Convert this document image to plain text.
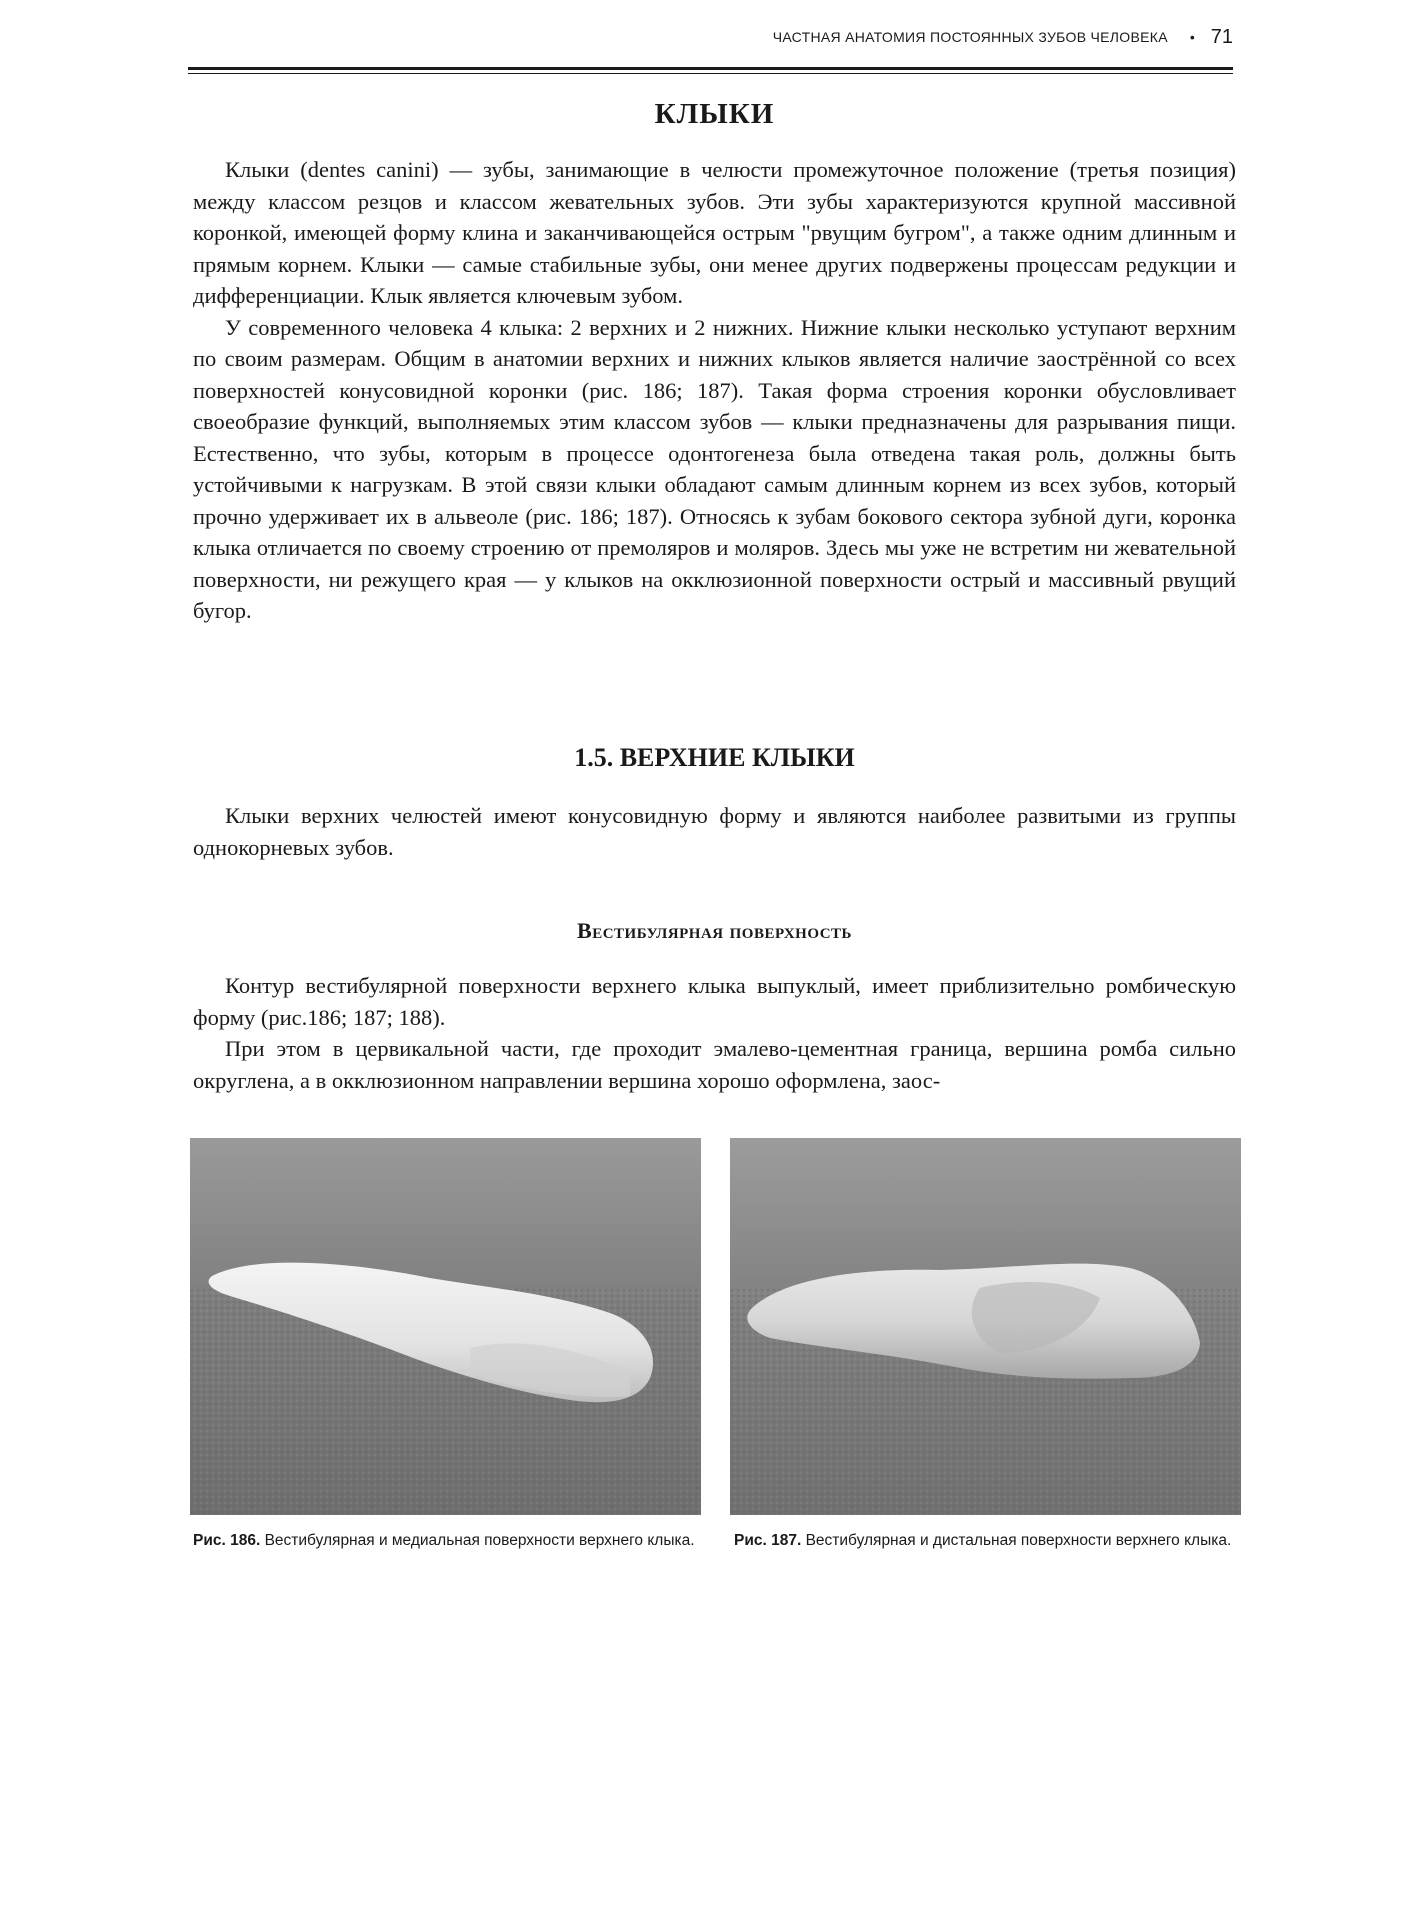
ЧАСТНАЯ АНАТОМИЯ ПОСТОЯННЫХ ЗУБОВ ЧЕЛОВЕКА • 71
КЛЫКИ

Клыки (dentes canini) — зубы, занимающие в челюсти промежуточное положение (третья позиция) между классом резцов и классом жевательных зубов. Эти зубы характеризуются крупной массивной коронкой, имеющей форму клина и заканчивающейся острым "рвущим бугром", а также одним длинным и прямым корнем. Клыки — самые стабильные зубы, они менее других подвержены процессам редукции и дифференциации. Клык является ключевым зубом.

У современного человека 4 клыка: 2 верхних и 2 нижних. Нижние клыки несколько уступают верхним по своим размерам. Общим в анатомии верхних и нижних клыков является наличие заострённой со всех поверхностей конусовидной коронки (рис. 186; 187). Такая форма строения коронки обусловливает своеобразие функций, выполняемых этим классом зубов — клыки предназначены для разрывания пищи. Естественно, что зубы, которым в процессе одонтогенеза была отведена такая роль, должны быть устойчивыми к нагрузкам. В этой связи клыки обладают самым длинным корнем из всех зубов, который прочно удерживает их в альвеоле (рис. 186; 187). Относясь к зубам бокового сектора зубной дуги, коронка клыка отличается по своему строению от премоляров и моляров. Здесь мы уже не встретим ни жевательной поверхности, ни режущего края — у клыков на окклюзионной поверхности острый и массивный рвущий бугор.

1.5. ВЕРХНИЕ КЛЫКИ

Клыки верхних челюстей имеют конусовидную форму и являются наиболее развитыми из группы однокорневых зубов.

Вестибулярная поверхность

Контур вестибулярной поверхности верхнего клыка выпуклый, имеет приблизительно ромбическую форму (рис.186; 187; 188).

При этом в цервикальной части, где проходит эмалево-цементная граница, вершина ромба сильно округлена, а в окклюзионном направлении вершина хорошо оформлена, заос-

Рис. 186. Вестибулярная и медиальная поверхности верхнего клыка.	Рис. 187. Вестибулярная и дистальная поверхности верхнего клыка.
